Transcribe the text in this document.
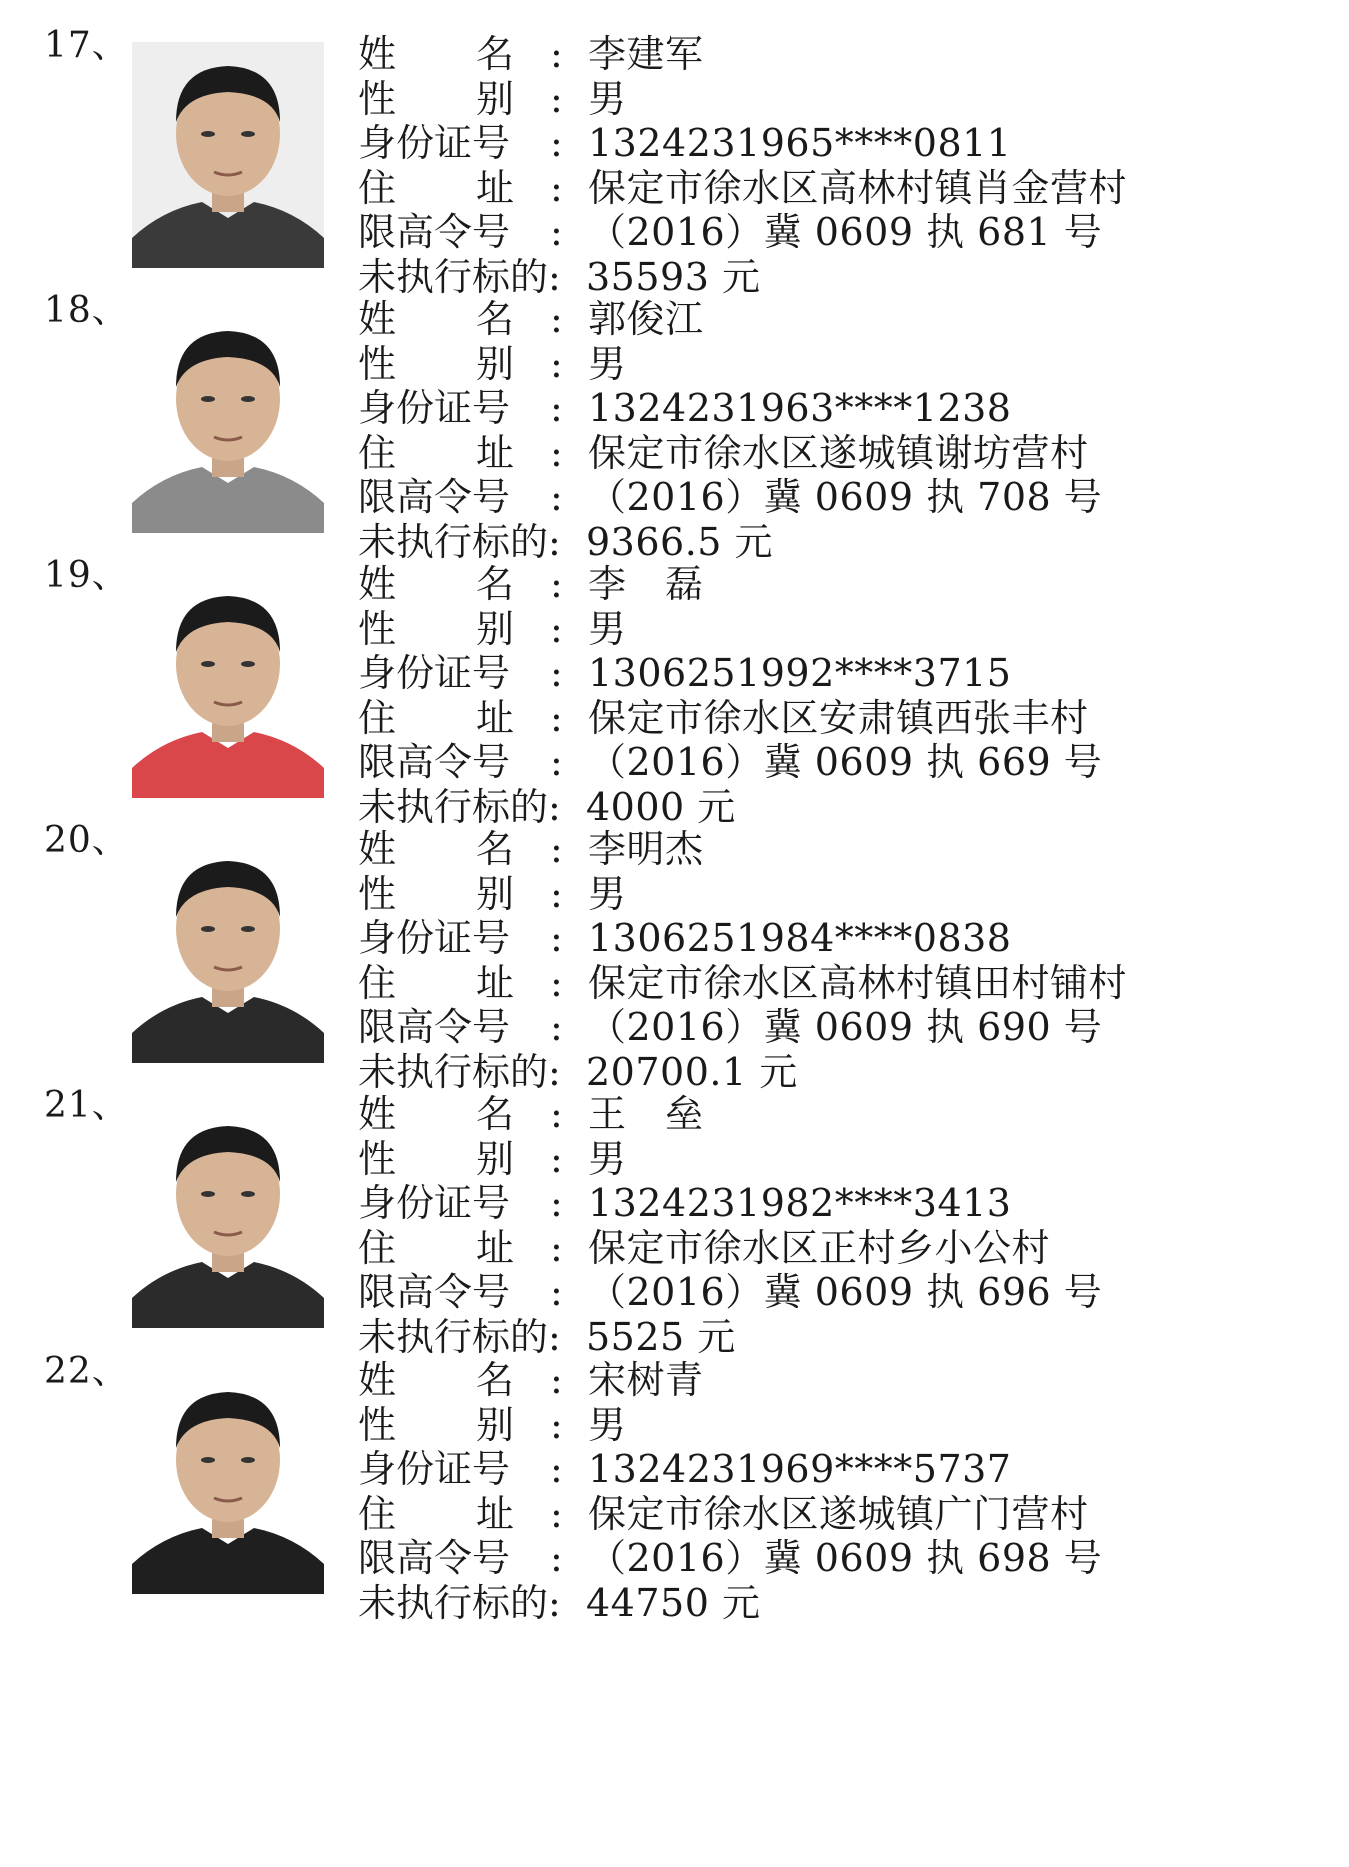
17、	姓 名 : 李建军
性 别 : 男
身份证号 : 1324231965****0811
住 址 : 保定市徐水区高林村镇肖金营村
限高令号 : （2016）冀 0609 执 681 号
未执行标的: 35593 元
18、	姓 名 : 郭俊江
性 别 : 男
身份证号 : 1324231963****1238
住 址 : 保定市徐水区遂城镇谢坊营村
限高令号 : （2016）冀 0609 执 708 号
未执行标的: 9366.5 元
19、	姓 名 : 李　磊
性 别 : 男
身份证号 : 1306251992****3715
住 址 : 保定市徐水区安肃镇西张丰村
限高令号 : （2016）冀 0609 执 669 号
未执行标的: 4000 元
20、	姓 名 : 李明杰
性 别 : 男
身份证号 : 1306251984****0838
住 址 : 保定市徐水区高林村镇田村铺村
限高令号 : （2016）冀 0609 执 690 号
未执行标的: 20700.1 元
21、	姓 名 : 王　垒
性 别 : 男
身份证号 : 1324231982****3413
住 址 : 保定市徐水区正村乡小公村
限高令号 : （2016）冀 0609 执 696 号
未执行标的: 5525 元
22、	姓 名 : 宋树青
性 别 : 男
身份证号 : 1324231969****5737
住 址 : 保定市徐水区遂城镇广门营村
限高令号 : （2016）冀 0609 执 698 号
未执行标的: 44750 元
